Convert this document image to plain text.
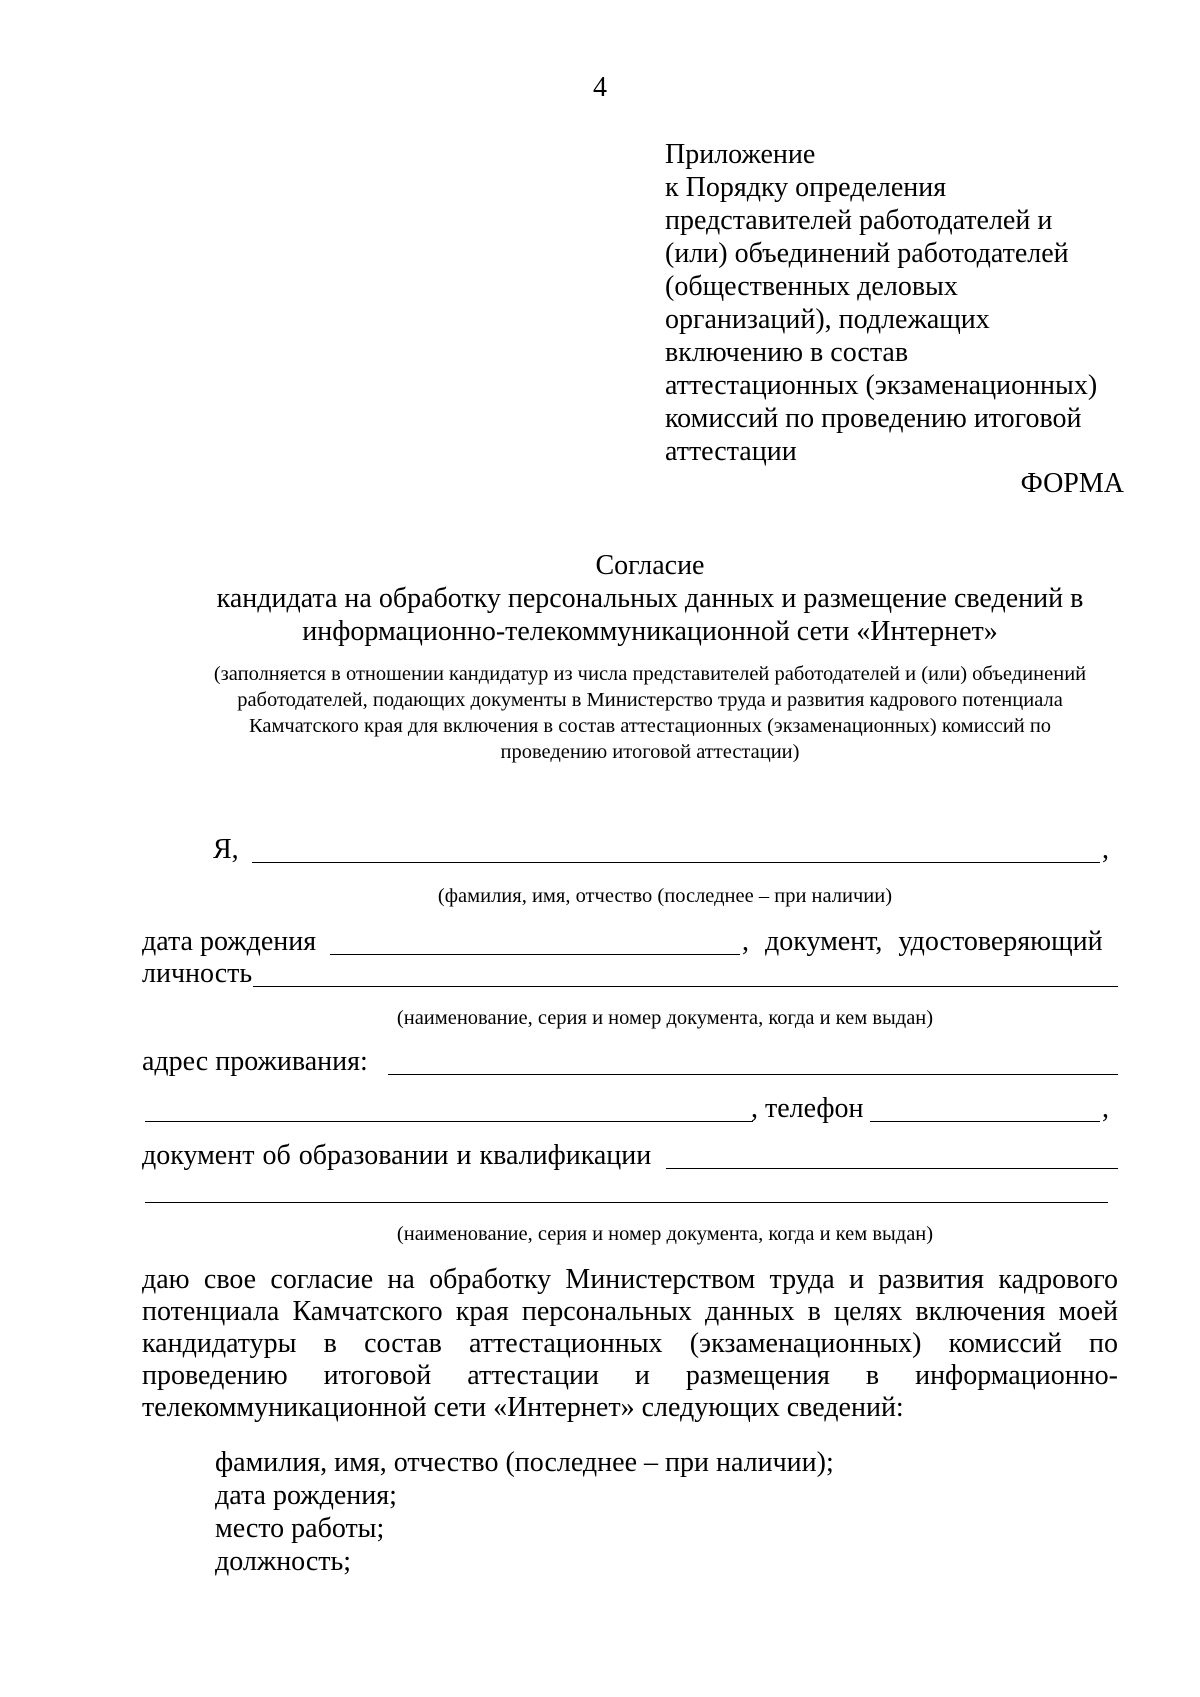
4
Приложение
к Порядку определения
представителей работодателей и
(или) объединений работодателей
(общественных деловых
организаций), подлежащих
включению в состав
аттестационных (экзаменационных)
комиссий по проведению итоговой
аттестации
ФОРМА
Согласие
кандидата на обработку персональных данных и размещение сведений в
информационно-телекоммуникационной сети «Интернет»
(заполняется в отношении кандидатур из числа представителей работодателей и (или) объединений
работодателей, подающих документы в Министерство труда и развития кадрового потенциала
Камчатского края для включения в состав аттестационных (экзаменационных) комиссий по
проведению итоговой аттестации)
Я,	,
(фамилия, имя, отчество (последнее – при наличии)
дата рождения	, документ, удостоверяющий
личность
(наименование, серия и номер документа, когда и кем выдан)
адрес проживания:
, телефон	,
документ об образовании и квалификации
(наименование, серия и номер документа, когда и кем выдан)
даю свое согласие на обработку Министерством труда и развития кадрового
потенциала Камчатского края персональных данных в целях включения моей
кандидатуры в состав аттестационных (экзаменационных) комиссий по
проведению итоговой аттестации и размещения в информационно-
телекоммуникационной сети «Интернет» следующих сведений:
фамилия, имя, отчество (последнее – при наличии);
дата рождения;
место работы;
должность;
